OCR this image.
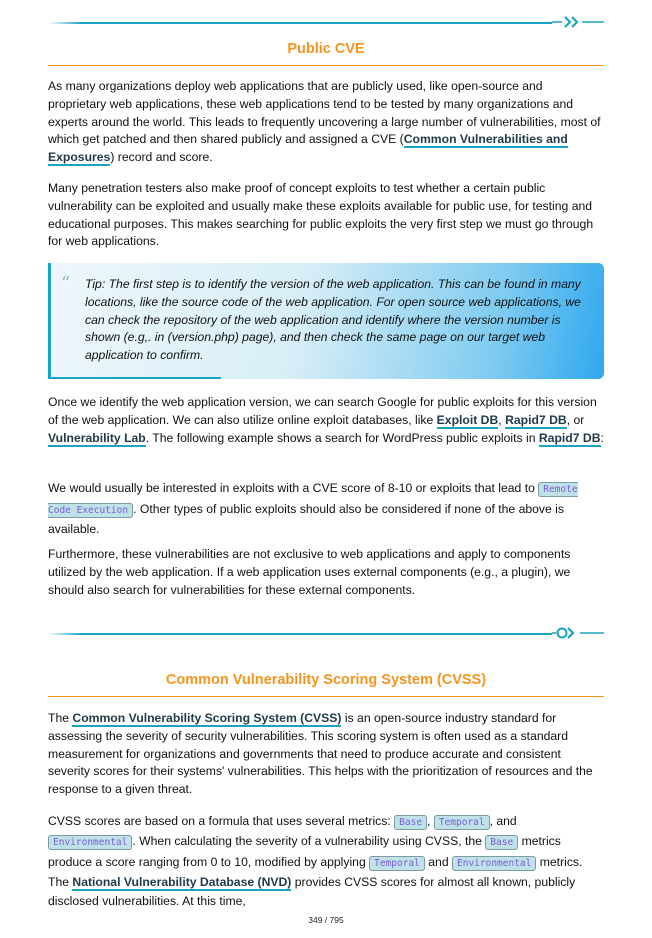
Public CVE

As many organizations deploy web applications that are publicly used, like open-source and proprietary web applications, these web applications tend to be tested by many organizations and experts around the world. This leads to frequently uncovering a large number of vulnerabilities, most of which get patched and then shared publicly and assigned a CVE (Common Vulnerabilities and Exposures) record and score.

Many penetration testers also make proof of concept exploits to test whether a certain public vulnerability can be exploited and usually make these exploits available for public use, for testing and educational purposes. This makes searching for public exploits the very first step we must go through for web applications.

“ Tip: The first step is to identify the version of the web application. This can be found in many locations, like the source code of the web application. For open source web applications, we can check the repository of the web application and identify where the version number is shown (e.g,. in (version.php) page), and then check the same page on our target web application to confirm.

Once we identify the web application version, we can search Google for public exploits for this version of the web application. We can also utilize online exploit databases, like Exploit DB, Rapid7 DB, or Vulnerability Lab. The following example shows a search for WordPress public exploits in Rapid7 DB:

We would usually be interested in exploits with a CVE score of 8-10 or exploits that lead to Remote Code Execution . Other types of public exploits should also be considered if none of the above is available.

Furthermore, these vulnerabilities are not exclusive to web applications and apply to components utilized by the web application. If a web application uses external components (e.g., a plugin), we should also search for vulnerabilities for these external components.

Common Vulnerability Scoring System (CVSS)

The Common Vulnerability Scoring System (CVSS) is an open-source industry standard for assessing the severity of security vulnerabilities. This scoring system is often used as a standard measurement for organizations and governments that need to produce accurate and consistent severity scores for their systems' vulnerabilities. This helps with the prioritization of resources and the response to a given threat.

CVSS scores are based on a formula that uses several metrics: Base , Temporal , and Environmental . When calculating the severity of a vulnerability using CVSS, the Base metrics produce a score ranging from 0 to 10, modified by applying Temporal and Environmental metrics. The National Vulnerability Database (NVD) provides CVSS scores for almost all known, publicly disclosed vulnerabilities. At this time,

349 / 795
